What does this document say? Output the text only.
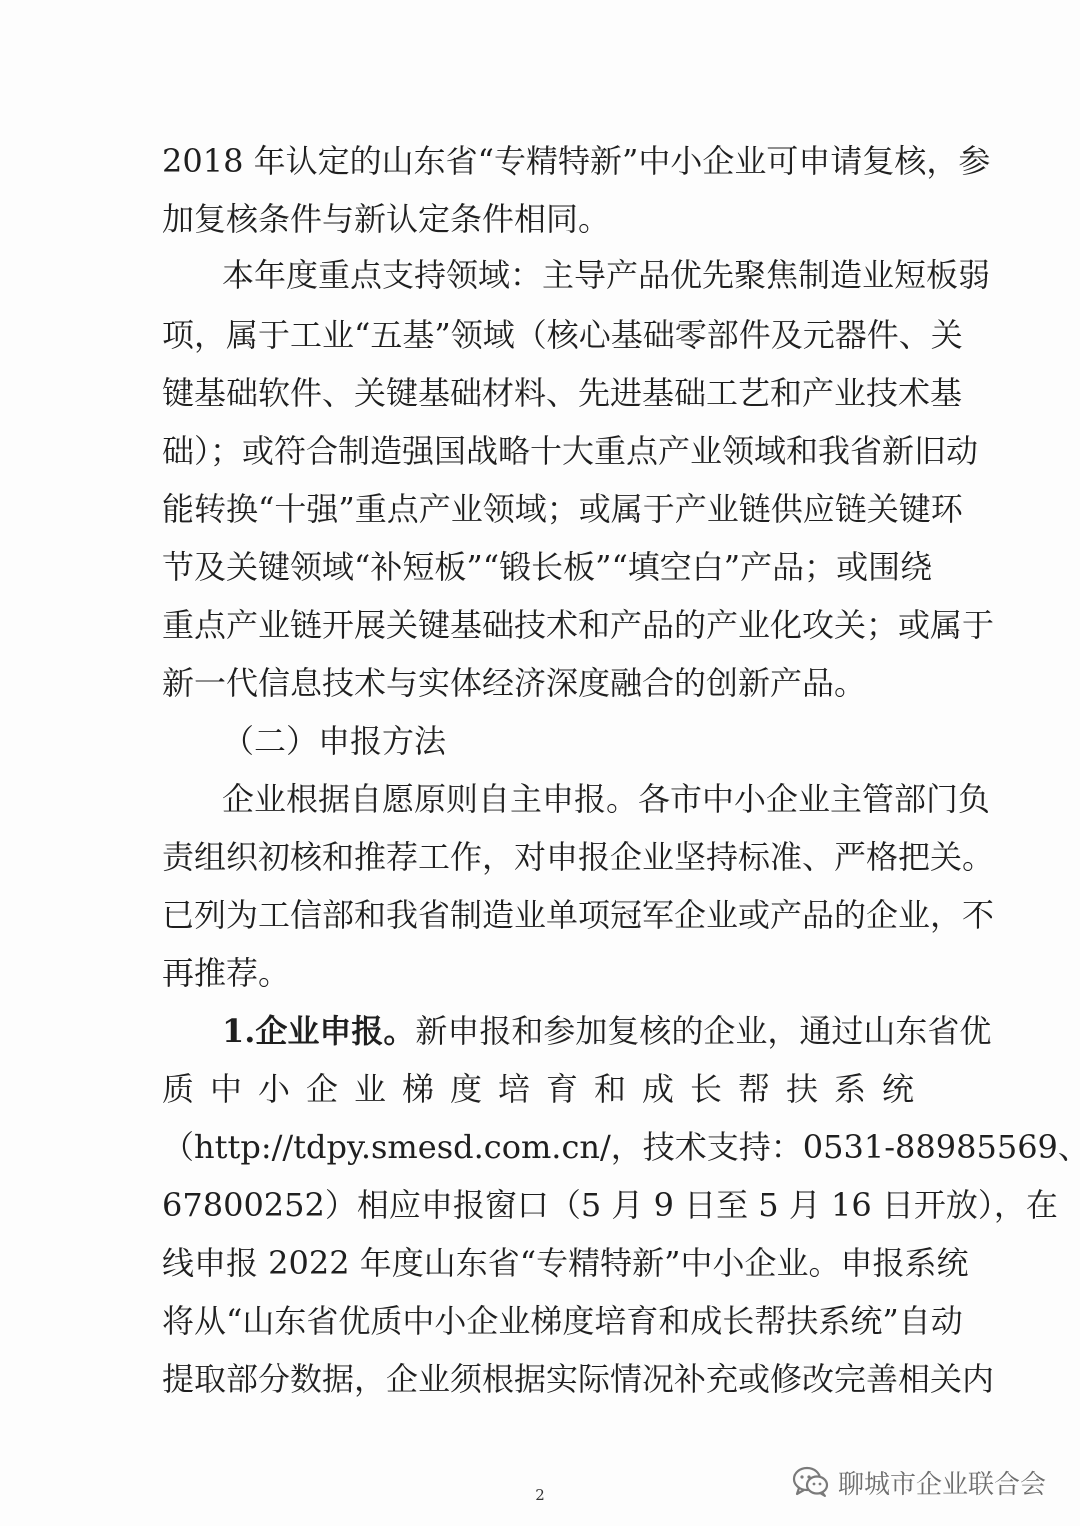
2018 年认定的山东省“专精特新”中小企业可申请复核，参
加复核条件与新认定条件相同。
本年度重点支持领域：主导产品优先聚焦制造业短板弱
项，属于工业“五基”领域（核心基础零部件及元器件、关
键基础软件、关键基础材料、先进基础工艺和产业技术基
础）；或符合制造强国战略十大重点产业领域和我省新旧动
能转换“十强”重点产业领域；或属于产业链供应链关键环
节及关键领域“补短板”“锻长板”“填空白”产品；或围绕
重点产业链开展关键基础技术和产品的产业化攻关；或属于
新一代信息技术与实体经济深度融合的创新产品。
（二）申报方法
企业根据自愿原则自主申报。各市中小企业主管部门负
责组织初核和推荐工作，对申报企业坚持标准、严格把关。
已列为工信部和我省制造业单项冠军企业或产品的企业，不
再推荐。
1.企业申报。新申报和参加复核的企业，通过山东省优
质中小企业梯度培育和成长帮扶系统
（http://tdpy.smesd.com.cn/，技术支持：0531-88985569、
67800252）相应申报窗口（5 月 9 日至 5 月 16 日开放），在
线申报 2022 年度山东省“专精特新”中小企业。申报系统
将从“山东省优质中小企业梯度培育和成长帮扶系统”自动
提取部分数据，企业须根据实际情况补充或修改完善相关内
2	聊城市企业联合会
